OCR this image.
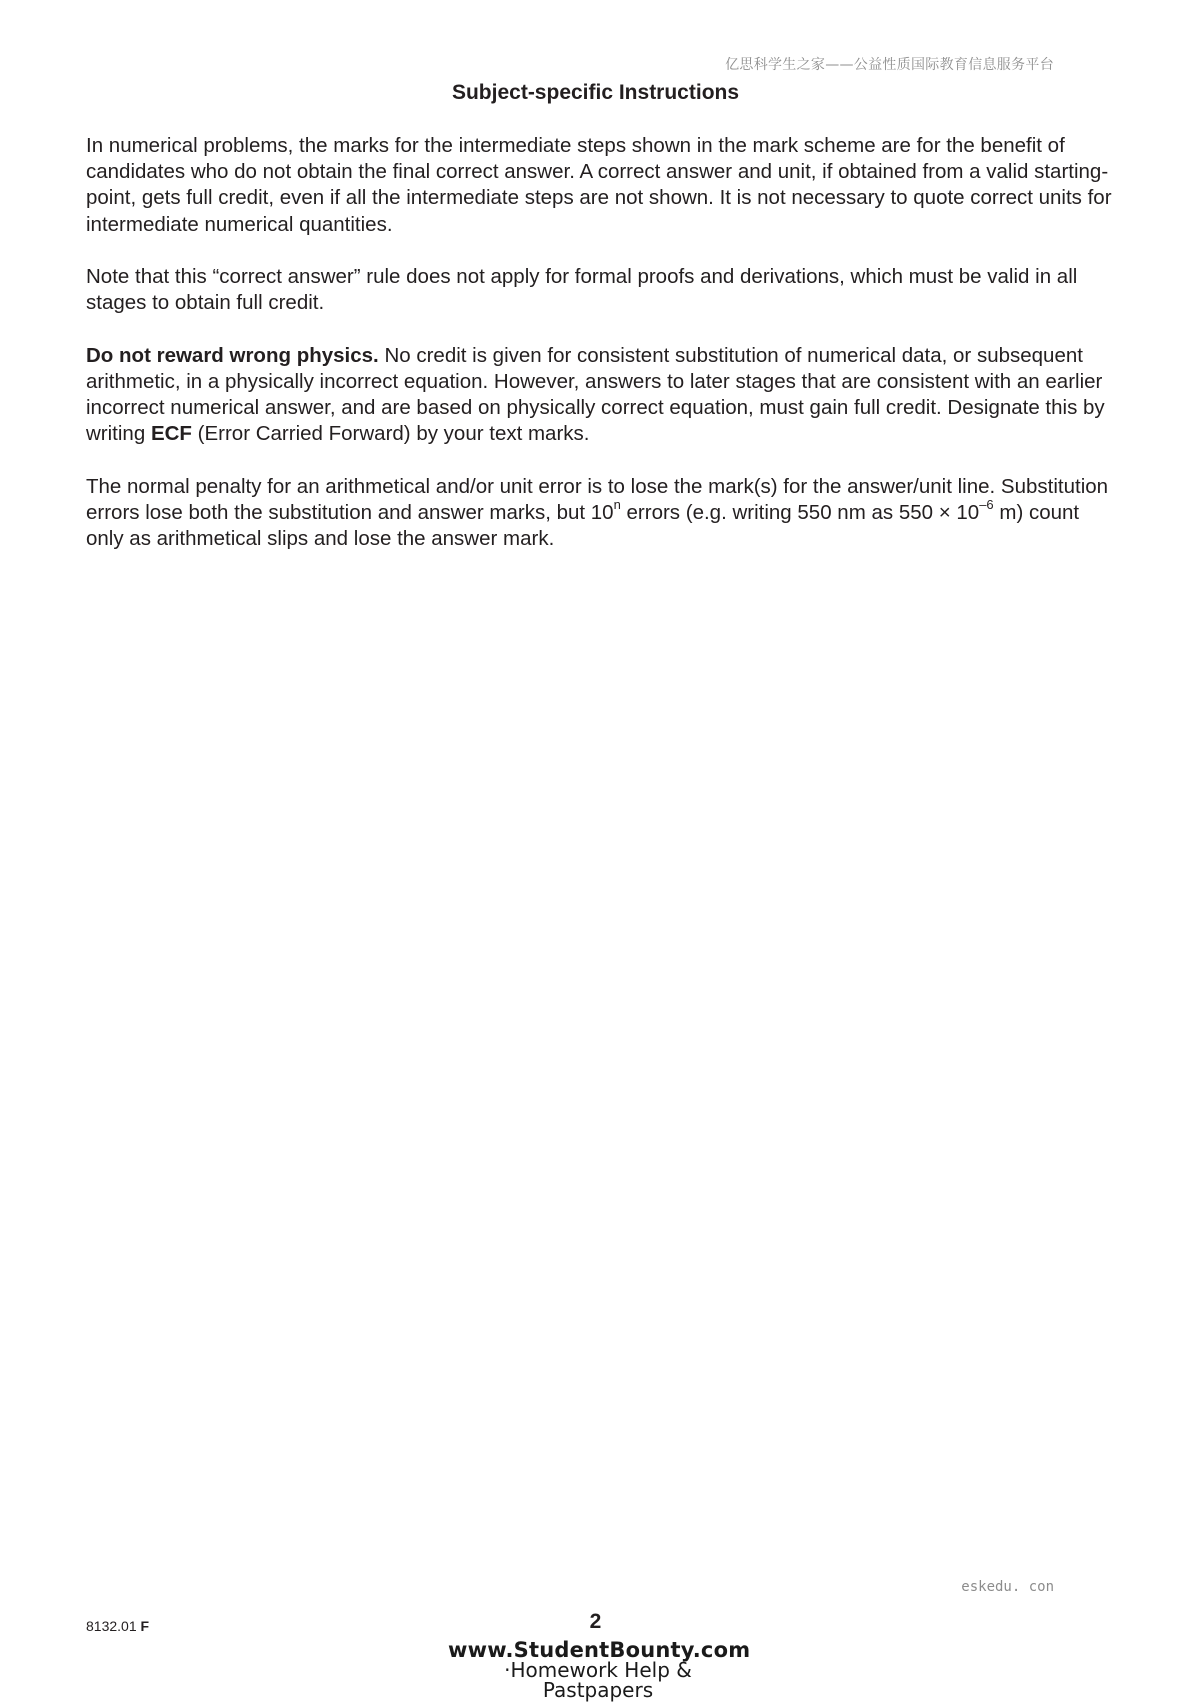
亿思科学生之家——公益性质国际教育信息服务平台
Subject-specific Instructions

In numerical problems, the marks for the intermediate steps shown in the mark scheme are for the benefit of candidates who do not obtain the final correct answer. A correct answer and unit, if obtained from a valid starting-point, gets full credit, even if all the intermediate steps are not shown. It is not necessary to quote correct units for intermediate numerical quantities.

Note that this “correct answer” rule does not apply for formal proofs and derivations, which must be valid in all stages to obtain full credit.

Do not reward wrong physics. No credit is given for consistent substitution of numerical data, or subsequent arithmetic, in a physically incorrect equation. However, answers to later stages that are consistent with an earlier incorrect numerical answer, and are based on physically correct equation, must gain full credit. Designate this by writing ECF (Error Carried Forward) by your text marks.

The normal penalty for an arithmetical and/or unit error is to lose the mark(s) for the answer/unit line. Substitution errors lose both the substitution and answer marks, but 10$^n$ errors (e.g. writing 550 nm as $550 \times 10^{-6}$ m) count only as arithmetical slips and lose the answer mark.

eskedu. con
8132.01 F	2
www.StudentBounty.com
·Homework Help & Pastpapers
